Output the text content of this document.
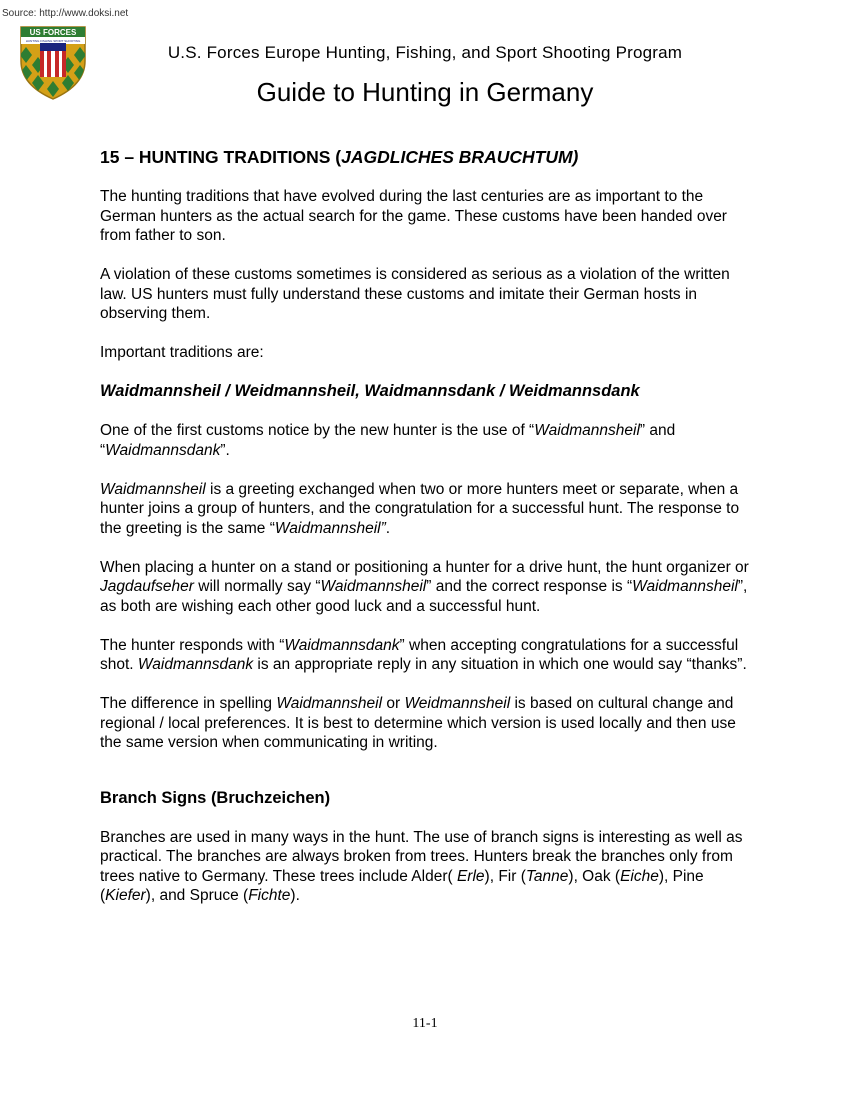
Source: http://www.doksi.net
US FORCES
HUNTING FISHING SPORT SHOOTING
U.S. Forces Europe Hunting, Fishing, and Sport Shooting Program
Guide to Hunting in Germany
15 – HUNTING TRADITIONS (JAGDLICHES BRAUCHTUM)

The hunting traditions that have evolved during the last centuries are as important to the German hunters as the actual search for the game. These customs have been handed over from father to son.

A violation of these customs sometimes is considered as serious as a violation of the written law. US hunters must fully understand these customs and imitate their German hosts in observing them.

Important traditions are:

Waidmannsheil / Weidmannsheil, Waidmannsdank / Weidmannsdank

One of the first customs notice by the new hunter is the use of “Waidmannsheil” and “Waidmannsdank”.

Waidmannsheil is a greeting exchanged when two or more hunters meet or separate, when a hunter joins a group of hunters, and the congratulation for a successful hunt. The response to the greeting is the same “Waidmannsheil”.

When placing a hunter on a stand or positioning a hunter for a drive hunt, the hunt organizer or Jagdaufseher will normally say “Waidmannsheil” and the correct response is “Waidmannsheil”, as both are wishing each other good luck and a successful hunt.

The hunter responds with “Waidmannsdank” when accepting congratulations for a successful shot. Waidmannsdank is an appropriate reply in any situation in which one would say “thanks”.

The difference in spelling Waidmannsheil or Weidmannsheil is based on cultural change and regional / local preferences. It is best to determine which version is used locally and then use the same version when communicating in writing.

Branch Signs (Bruchzeichen)

Branches are used in many ways in the hunt. The use of branch signs is interesting as well as practical. The branches are always broken from trees. Hunters break the branches only from trees native to Germany. These trees include Alder( Erle), Fir (Tanne), Oak (Eiche), Pine (Kiefer), and Spruce (Fichte).

11-1
